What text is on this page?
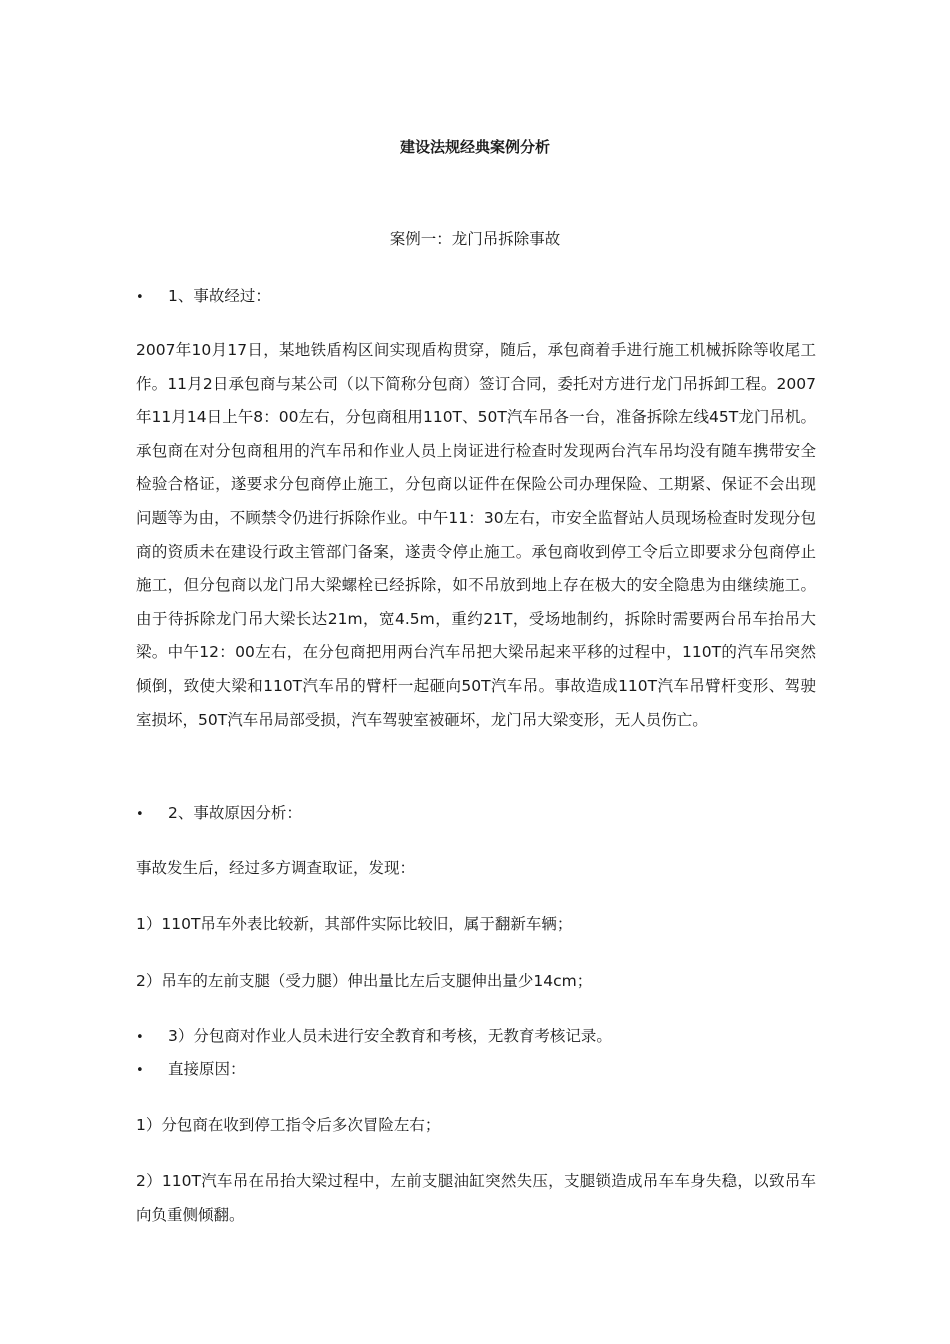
建设法规经典案例分析
案例一：龙门吊拆除事故
• 1、事故经过：
2007年10月17日，某地铁盾构区间实现盾构贯穿，随后，承包商着手进行施工机械拆除等收尾工作。11月2日承包商与某公司（以下简称分包商）签订合同，委托对方进行龙门吊拆卸工程。2007年11月14日上午8：00左右，分包商租用110T、50T汽车吊各一台，准备拆除左线45T龙门吊机。承包商在对分包商租用的汽车吊和作业人员上岗证进行检查时发现两台汽车吊均没有随车携带安全检验合格证，遂要求分包商停止施工，分包商以证件在保险公司办理保险、工期紧、保证不会出现问题等为由，不顾禁令仍进行拆除作业。中午11：30左右，市安全监督站人员现场检查时发现分包商的资质未在建设行政主管部门备案，遂责令停止施工。承包商收到停工令后立即要求分包商停止施工，但分包商以龙门吊大梁螺栓已经拆除，如不吊放到地上存在极大的安全隐患为由继续施工。由于待拆除龙门吊大梁长达21m，宽4.5m，重约21T，受场地制约，拆除时需要两台吊车抬吊大梁。中午12：00左右，在分包商把用两台汽车吊把大梁吊起来平移的过程中，110T的汽车吊突然倾倒，致使大梁和110T汽车吊的臂杆一起砸向50T汽车吊。事故造成110T汽车吊臂杆变形、驾驶室损坏，50T汽车吊局部受损，汽车驾驶室被砸坏，龙门吊大梁变形，无人员伤亡。
• 2、事故原因分析：
事故发生后，经过多方调查取证，发现：
1）110T吊车外表比较新，其部件实际比较旧，属于翻新车辆；
2）吊车的左前支腿（受力腿）伸出量比左后支腿伸出量少14cm；
• 3）分包商对作业人员未进行安全教育和考核，无教育考核记录。
• 直接原因：
1）分包商在收到停工指令后多次冒险左右；
2）110T汽车吊在吊抬大梁过程中，左前支腿油缸突然失压，支腿锁造成吊车车身失稳，以致吊车向负重侧倾翻。
